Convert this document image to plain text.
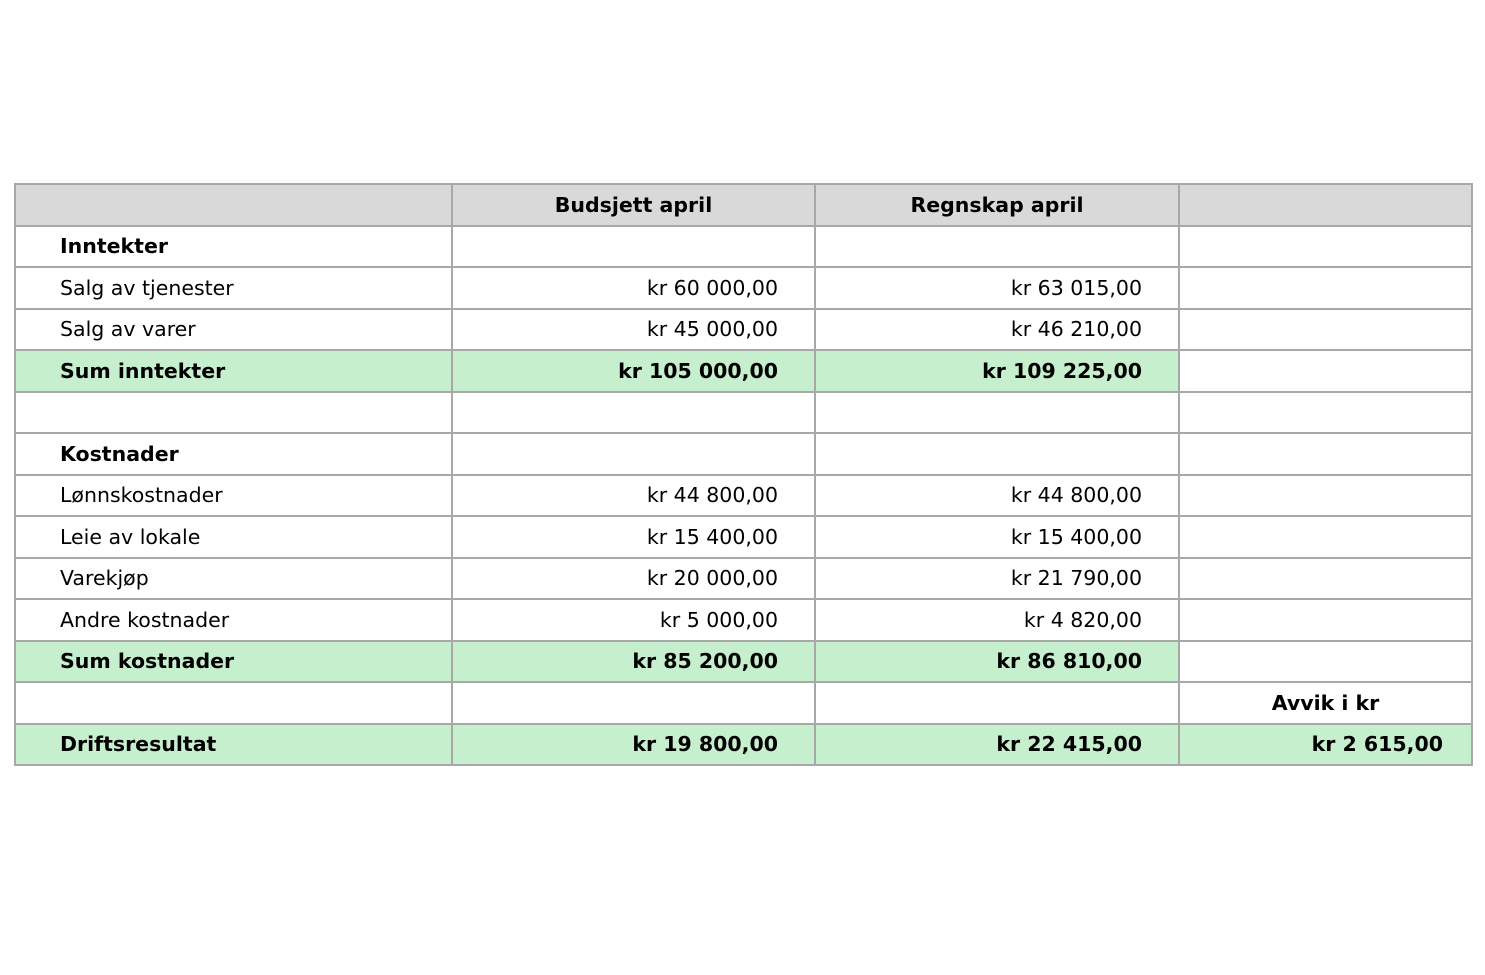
	Budsjett april	Regnskap april	
Inntekter			
Salg av tjenester	kr 60 000,00	kr 63 015,00	
Salg av varer	kr 45 000,00	kr 46 210,00	
Sum inntekter	kr 105 000,00	kr 109 225,00	

Kostnader			
Lønnskostnader	kr 44 800,00	kr 44 800,00	
Leie av lokale	kr 15 400,00	kr 15 400,00	
Varekjøp	kr 20 000,00	kr 21 790,00	
Andre kostnader	kr 5 000,00	kr 4 820,00	
Sum kostnader	kr 85 200,00	kr 86 810,00	
			Avvik i kr
Driftsresultat	kr 19 800,00	kr 22 415,00	kr 2 615,00
